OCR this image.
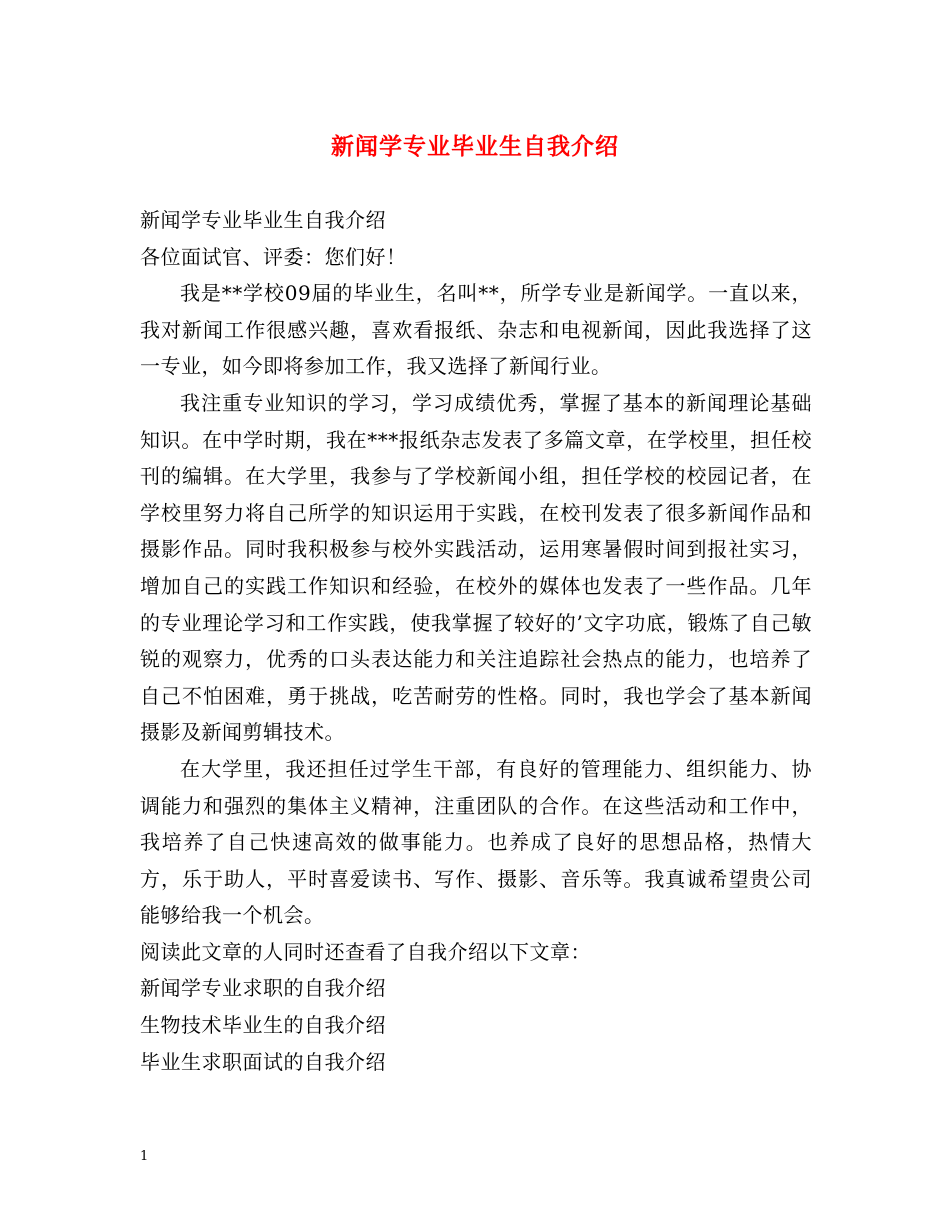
新闻学专业毕业生自我介绍

新闻学专业毕业生自我介绍

各位面试官、评委：您们好！

我是**学校09届的毕业生，名叫**，所学专业是新闻学。一直以来，我对新闻工作很感兴趣，喜欢看报纸、杂志和电视新闻，因此我选择了这一专业，如今即将参加工作，我又选择了新闻行业。

我注重专业知识的学习，学习成绩优秀，掌握了基本的新闻理论基础知识。在中学时期，我在***报纸杂志发表了多篇文章，在学校里，担任校刊的编辑。在大学里，我参与了学校新闻小组，担任学校的校园记者，在学校里努力将自己所学的知识运用于实践，在校刊发表了很多新闻作品和摄影作品。同时我积极参与校外实践活动，运用寒暑假时间到报社实习，增加自己的实践工作知识和经验，在校外的媒体也发表了一些作品。几年的专业理论学习和工作实践，使我掌握了较好的’文字功底，锻炼了自己敏锐的观察力，优秀的口头表达能力和关注追踪社会热点的能力，也培养了自己不怕困难，勇于挑战，吃苦耐劳的性格。同时，我也学会了基本新闻摄影及新闻剪辑技术。

在大学里，我还担任过学生干部，有良好的管理能力、组织能力、协调能力和强烈的集体主义精神，注重团队的合作。在这些活动和工作中，我培养了自己快速高效的做事能力。也养成了良好的思想品格，热情大方，乐于助人，平时喜爱读书、写作、摄影、音乐等。我真诚希望贵公司能够给我一个机会。

阅读此文章的人同时还查看了自我介绍以下文章：

新闻学专业求职的自我介绍

生物技术毕业生的自我介绍

毕业生求职面试的自我介绍

1
